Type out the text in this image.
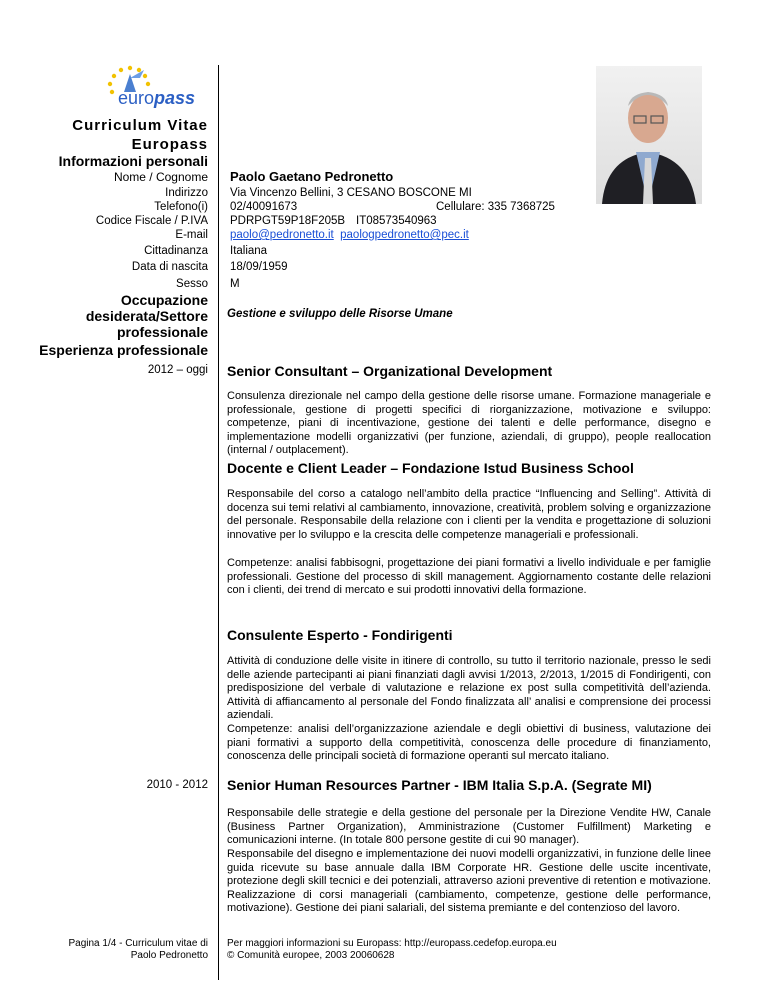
europass
Curriculum Vitae
Europass
Informazioni personali
Nome / Cognome
Indirizzo
Telefono(i)
Codice Fiscale / P.IVA
E-mail
Cittadinanza
Data di nascita
Sesso
Paolo Gaetano Pedronetto
Via Vincenzo Bellini, 3 CESANO BOSCONE MI
02/40091673	Cellulare: 335 7368725
PDRPGT59P18F205B IT08573540963
paolo@pedronetto.it paologpedronetto@pec.it
Italiana
18/09/1959
M
Occupazione
desiderata/Settore
professionale
Gestione e sviluppo delle Risorse Umane
Esperienza professionale
2012 – oggi Senior Consultant – Organizational Development
Consulenza direzionale nel campo della gestione delle risorse umane. Formazione manageriale e professionale, gestione di progetti specifici di riorganizzazione, motivazione e sviluppo: competenze, piani di incentivazione, gestione dei talenti e delle performance, disegno e implementazione modelli organizzativi (per funzione, aziendali, di gruppo), people reallocation (internal / outplacement).
Docente e Client Leader – Fondazione Istud Business School
Responsabile del corso a catalogo nell’ambito della practice “Influencing and Selling”. Attività di docenza sui temi relativi al cambiamento, innovazione, creatività, problem solving e organizzazione del personale. Responsabile della relazione con i clienti per la vendita e progettazione di soluzioni innovative per lo sviluppo e la crescita delle competenze manageriali e professionali.
Competenze: analisi fabbisogni, progettazione dei piani formativi a livello individuale e per famiglie professionali. Gestione del processo di skill management. Aggiornamento costante delle relazioni con i clienti, dei trend di mercato e sui prodotti innovativi della formazione.
Consulente Esperto - Fondirigenti
Attività di conduzione delle visite in itinere di controllo, su tutto il territorio nazionale, presso le sedi delle aziende partecipanti ai piani finanziati dagli avvisi 1/2013, 2/2013, 1/2015 di Fondirigenti, con predisposizione del verbale di valutazione e relazione ex post sulla competitività dell’azienda. Attività di affiancamento al personale del Fondo finalizzata all’ analisi e comprensione dei processi aziendali.
Competenze: analisi dell’organizzazione aziendale e degli obiettivi di business, valutazione dei piani formativi a supporto della competitività, conoscenza delle procedure di finanziamento, conoscenza delle principali società di formazione operanti sul mercato italiano.
2010 - 2012 Senior Human Resources Partner - IBM Italia S.p.A. (Segrate MI)
Responsabile delle strategie e della gestione del personale per la Direzione Vendite HW, Canale (Business Partner Organization), Amministrazione (Customer Fulfillment) Marketing e comunicazioni interne. (In totale 800 persone gestite di cui 90 manager).
Responsabile del disegno e implementazione dei nuovi modelli organizzativi, in funzione delle linee guida ricevute su base annuale dalla IBM Corporate HR. Gestione delle uscite incentivate, protezione degli skill tecnici e dei potenziali, attraverso azioni preventive di retention e motivazione. Realizzazione di corsi manageriali (cambiamento, competenze, gestione delle performance, motivazione). Gestione dei piani salariali, del sistema premiante e del contenzioso del lavoro.
Pagina 1/4 - Curriculum vitae di
Paolo Pedronetto
Per maggiori informazioni su Europass: http://europass.cedefop.europa.eu
© Comunità europee, 2003 20060628
